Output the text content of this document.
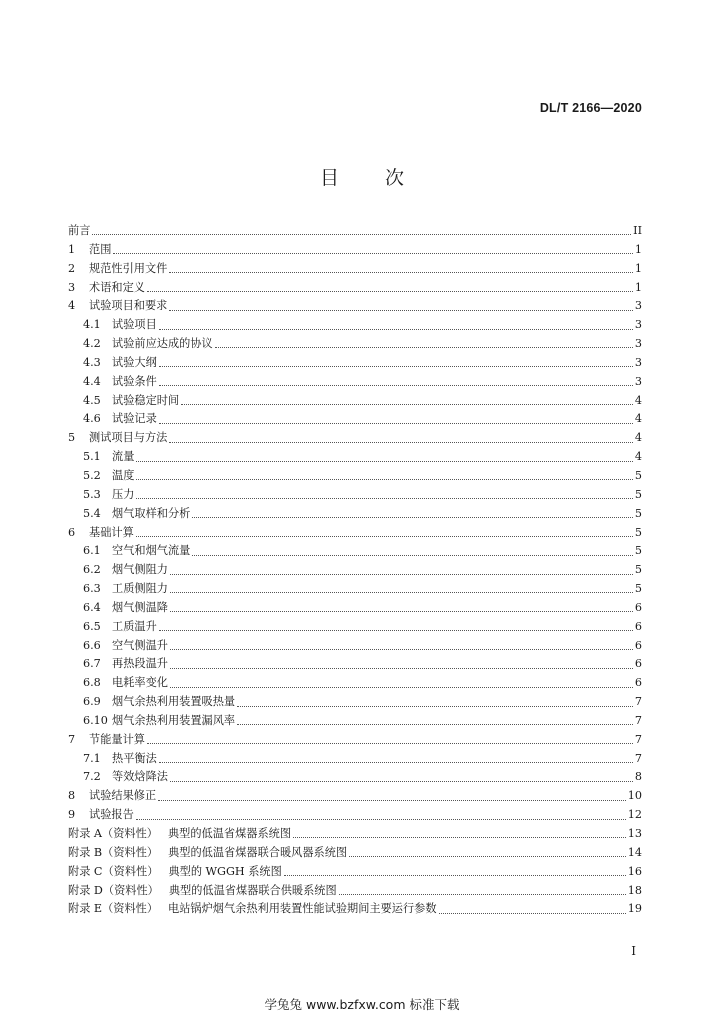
DL/T 2166—2020
目 次
前言	II
1	范围	1
2	规范性引用文件	1
3	术语和定义	1
4	试验项目和要求	3
4.1	试验项目	3
4.2	试验前应达成的协议	3
4.3	试验大纲	3
4.4	试验条件	3
4.5	试验稳定时间	4
4.6	试验记录	4
5	测试项目与方法	4
5.1	流量	4
5.2	温度	5
5.3	压力	5
5.4	烟气取样和分析	5
6	基础计算	5
6.1	空气和烟气流量	5
6.2	烟气侧阻力	5
6.3	工质侧阻力	5
6.4	烟气侧温降	6
6.5	工质温升	6
6.6	空气侧温升	6
6.7	再热段温升	6
6.8	电耗率变化	6
6.9	烟气余热利用装置吸热量	7
6.10 烟气余热利用装置漏风率	7
7	节能量计算	7
7.1	热平衡法	7
7.2	等效焓降法	8
8	试验结果修正	10
9	试验报告	12
附录 A（资料性） 典型的低温省煤器系统图	13
附录 B（资料性） 典型的低温省煤器联合暖风器系统图	14
附录 C（资料性） 典型的 WGGH 系统图	16
附录 D（资料性） 典型的低温省煤器联合供暖系统图	18
附录 E（资料性） 电站锅炉烟气余热利用装置性能试验期间主要运行参数	19
I
学兔兔 www.bzfxw.com 标准下载
